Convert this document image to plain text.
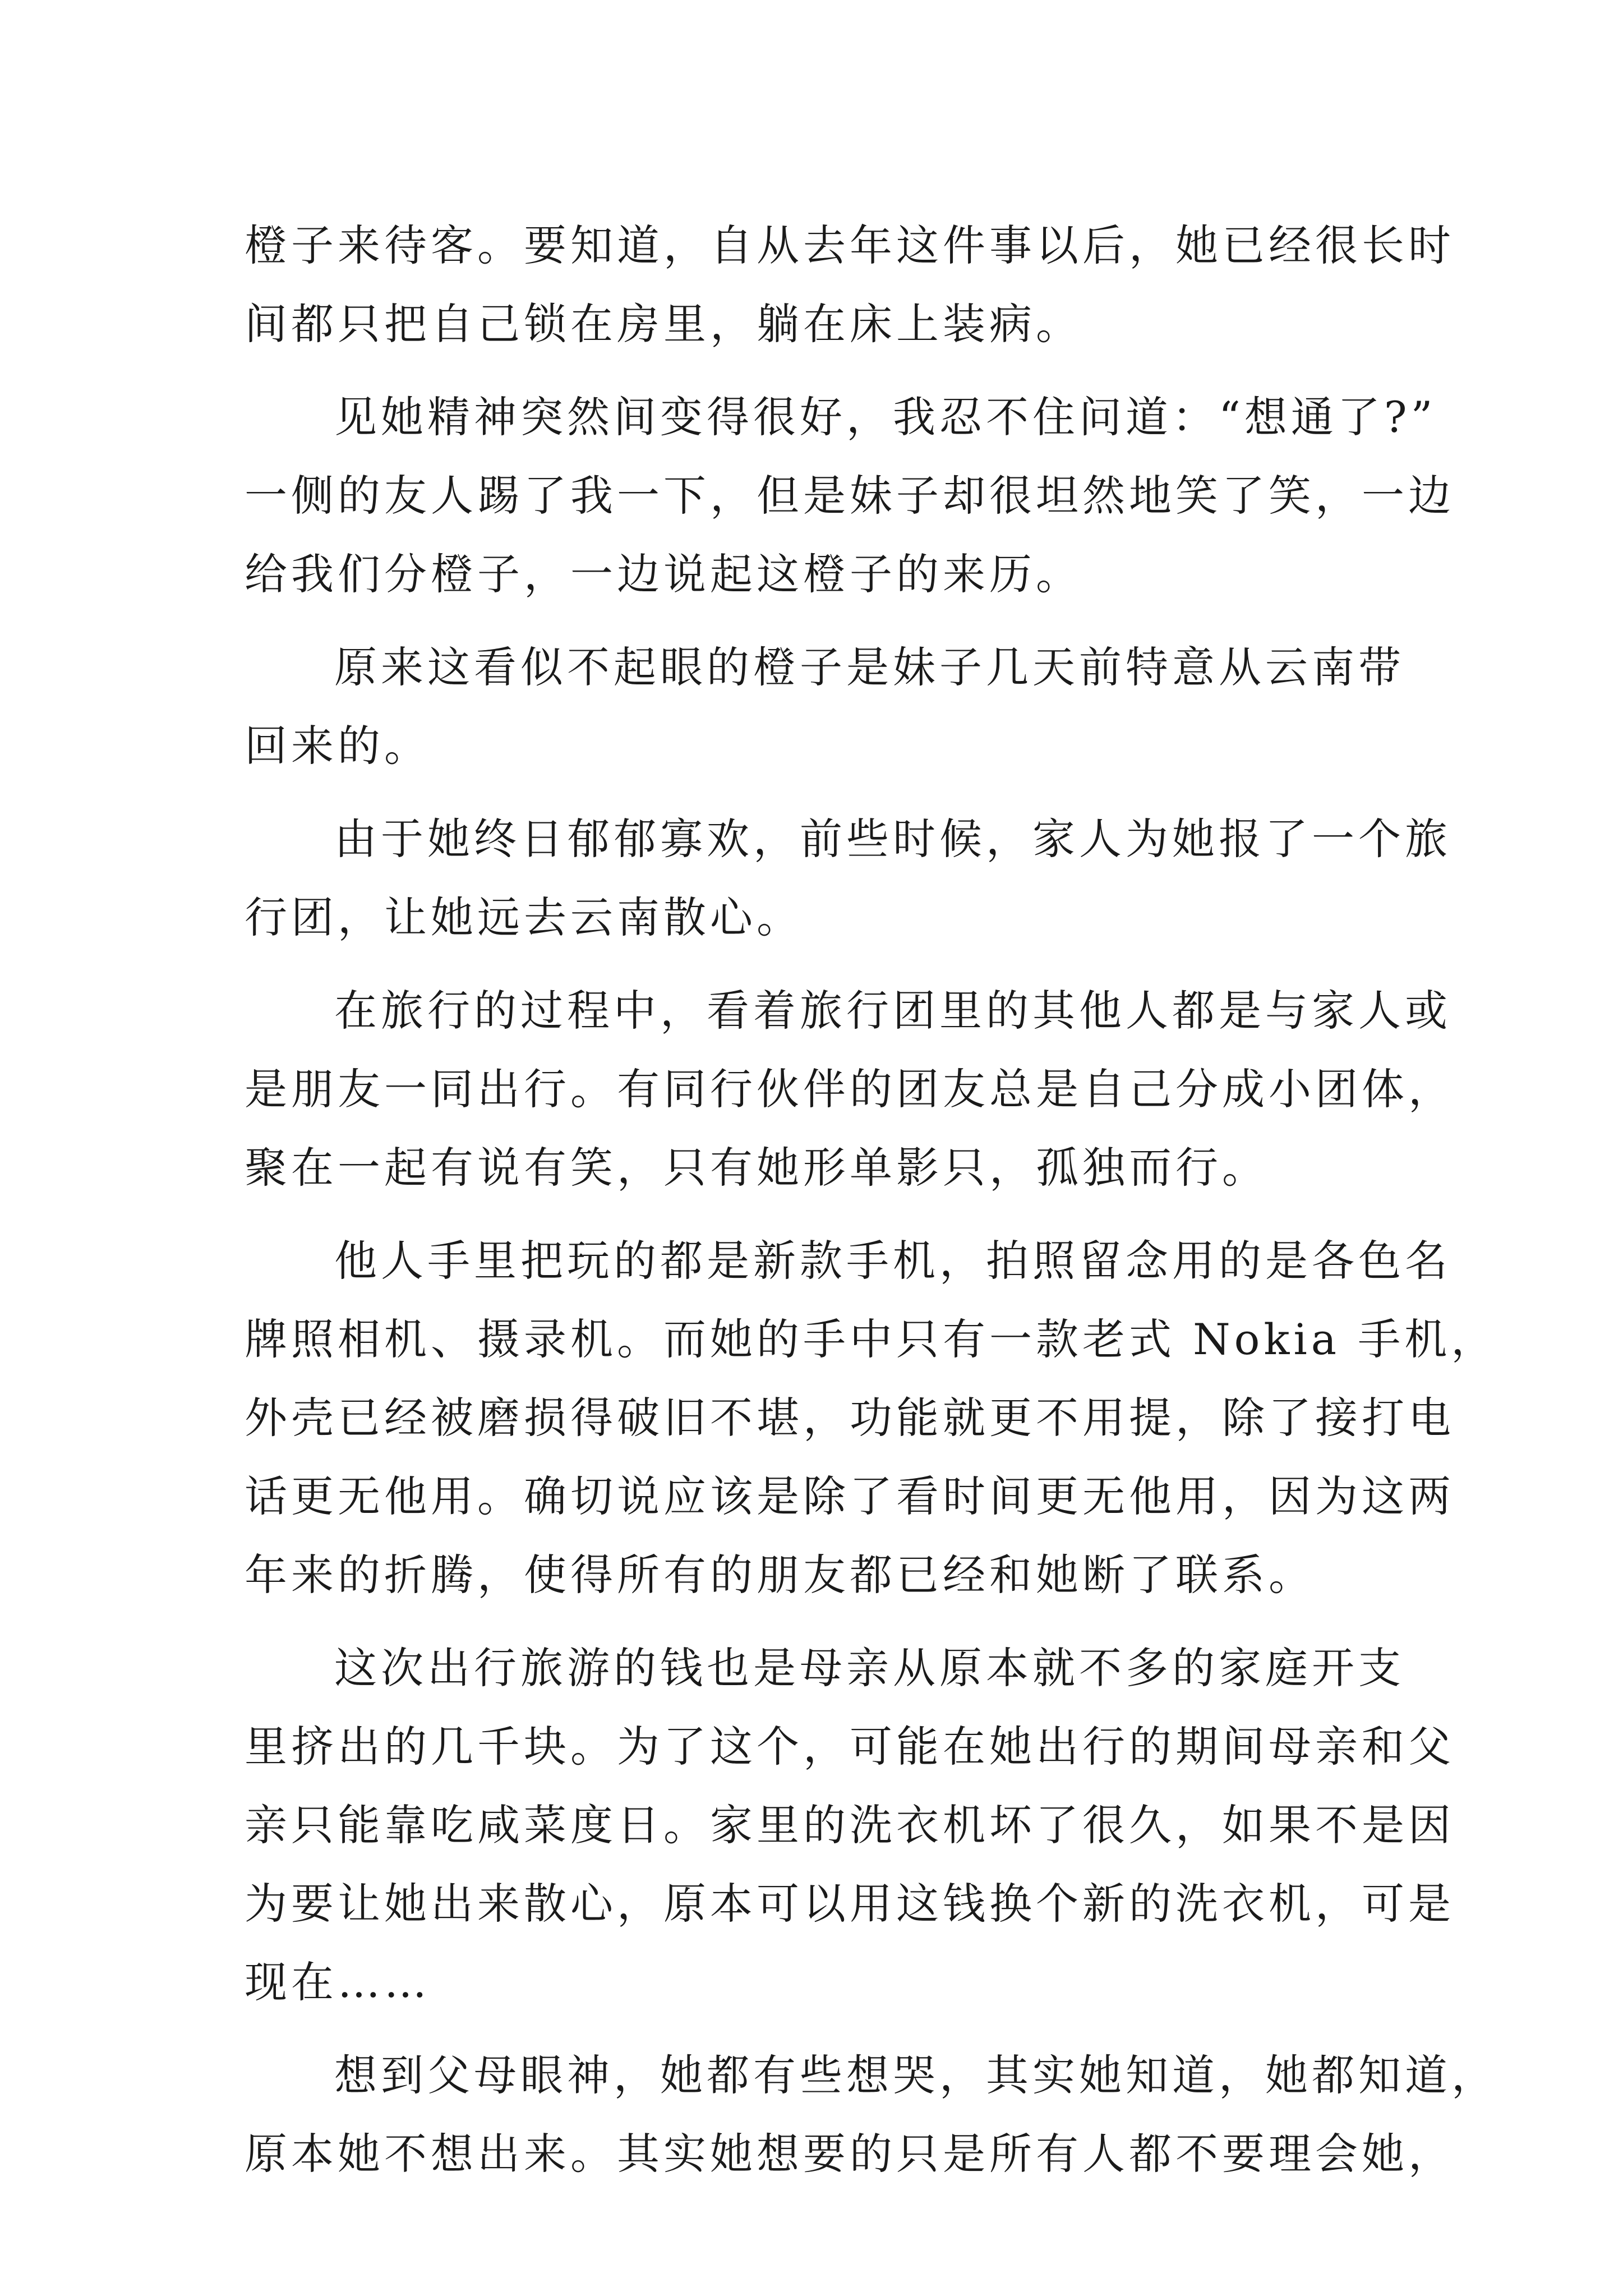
橙子来待客。要知道，自从去年这件事以后，她已经很长时
间都只把自己锁在房里，躺在床上装病。
见她精神突然间变得很好，我忍不住问道：“想通了?”
一侧的友人踢了我一下，但是妹子却很坦然地笑了笑，一边
给我们分橙子，一边说起这橙子的来历。
原来这看似不起眼的橙子是妹子几天前特意从云南带
回来的。
由于她终日郁郁寡欢，前些时候，家人为她报了一个旅
行团，让她远去云南散心。
在旅行的过程中，看着旅行团里的其他人都是与家人或
是朋友一同出行。有同行伙伴的团友总是自己分成小团体，
聚在一起有说有笑，只有她形单影只，孤独而行。
他人手里把玩的都是新款手机，拍照留念用的是各色名
牌照相机、摄录机。而她的手中只有一款老式 Nokia 手机，
外壳已经被磨损得破旧不堪，功能就更不用提，除了接打电
话更无他用。确切说应该是除了看时间更无他用，因为这两
年来的折腾，使得所有的朋友都已经和她断了联系。
这次出行旅游的钱也是母亲从原本就不多的家庭开支
里挤出的几千块。为了这个，可能在她出行的期间母亲和父
亲只能靠吃咸菜度日。家里的洗衣机坏了很久，如果不是因
为要让她出来散心，原本可以用这钱换个新的洗衣机，可是
现在……
想到父母眼神，她都有些想哭，其实她知道，她都知道，
原本她不想出来。其实她想要的只是所有人都不要理会她，
